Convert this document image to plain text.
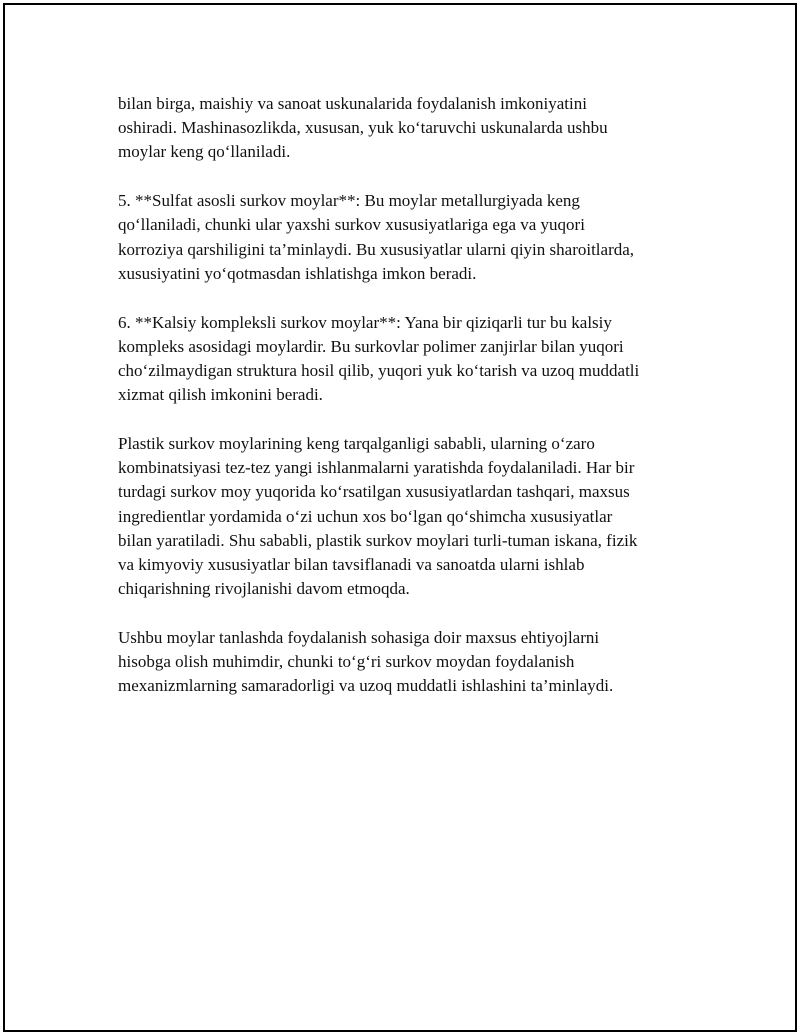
bilan birga, maishiy va sanoat uskunalarida foydalanish imkoniyatini
oshiradi. Mashinasozlikda, xususan, yuk ko‘taruvchi uskunalarda ushbu
moylar keng qo‘llaniladi.

5. **Sulfat asosli surkov moylar**: Bu moylar metallurgiyada keng
qo‘llaniladi, chunki ular yaxshi surkov xususiyatlariga ega va yuqori
korroziya qarshiligini ta’minlaydi. Bu xususiyatlar ularni qiyin sharoitlarda,
xususiyatini yo‘qotmasdan ishlatishga imkon beradi.

6. **Kalsiy kompleksli surkov moylar**: Yana bir qiziqarli tur bu kalsiy
kompleks asosidagi moylardir. Bu surkovlar polimer zanjirlar bilan yuqori
cho‘zilmaydigan struktura hosil qilib, yuqori yuk ko‘tarish va uzoq muddatli
xizmat qilish imkonini beradi.

Plastik surkov moylarining keng tarqalganligi sababli, ularning o‘zaro
kombinatsiyasi tez-tez yangi ishlanmalarni yaratishda foydalaniladi. Har bir
turdagi surkov moy yuqorida ko‘rsatilgan xususiyatlardan tashqari, maxsus
ingredientlar yordamida o‘zi uchun xos bo‘lgan qo‘shimcha xususiyatlar
bilan yaratiladi. Shu sababli, plastik surkov moylari turli-tuman iskana, fizik
va kimyoviy xususiyatlar bilan tavsiflanadi va sanoatda ularni ishlab
chiqarishning rivojlanishi davom etmoqda.

Ushbu moylar tanlashda foydalanish sohasiga doir maxsus ehtiyojlarni
hisobga olish muhimdir, chunki to‘g‘ri surkov moydan foydalanish
mexanizmlarning samaradorligi va uzoq muddatli ishlashini ta’minlaydi.
